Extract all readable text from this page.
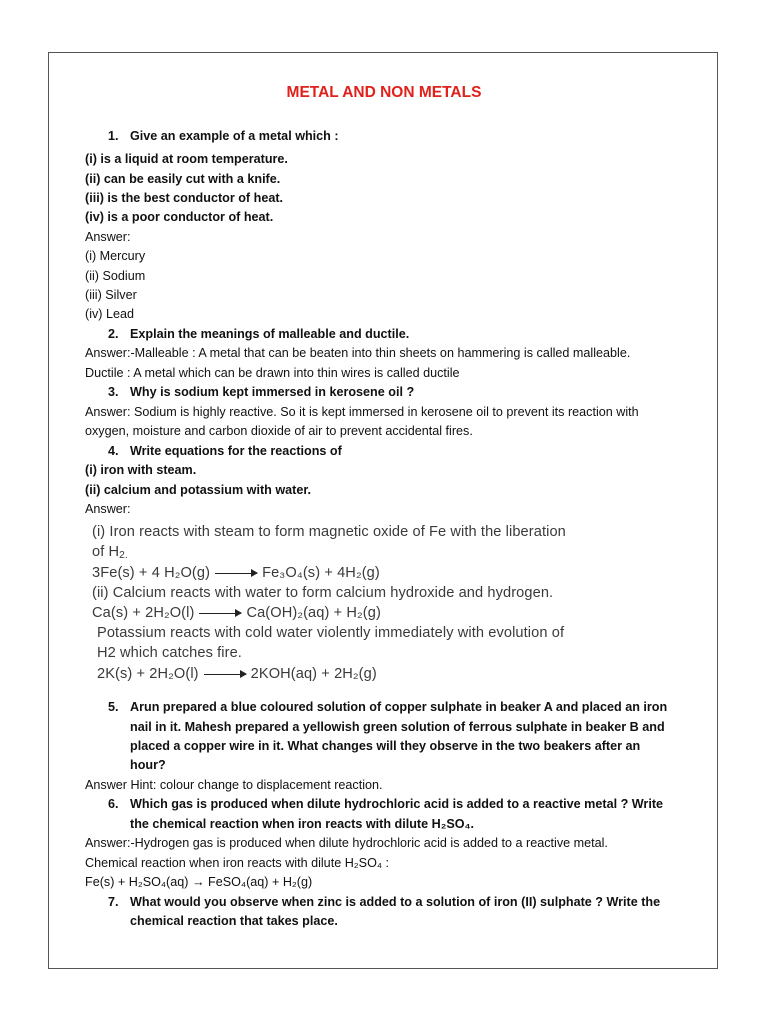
METAL AND NON METALS
1. Give an example of a metal which :
(i) is a liquid at room temperature.
(ii) can be easily cut with a knife.
(iii) is the best conductor of heat.
(iv) is a poor conductor of heat.
Answer:
(i) Mercury
(ii) Sodium
(iii) Silver
(iv) Lead
2. Explain the meanings of malleable and ductile.
Answer:-Malleable : A metal that can be beaten into thin sheets on hammering is called malleable.
Ductile : A metal which can be drawn into thin wires is called ductile
3. Why is sodium kept immersed in kerosene oil ?
Answer: Sodium is highly reactive. So it is kept immersed in kerosene oil to prevent its reaction with
oxygen, moisture and carbon dioxide of air to prevent accidental fires.
4. Write equations for the reactions of
(i) iron with steam.
(ii) calcium and potassium with water.
Answer:
(i) Iron reacts with steam to form magnetic oxide of Fe with the liberation
of $H_{2.}$
3Fe(s) + 4 H₂O(g)	Fe₃O₄(s) + 4H₂(g)
(ii) Calcium reacts with water to form calcium hydroxide and hydrogen.
Ca(s) + 2H₂O(l)	Ca(OH)₂(aq) + H₂(g)
Potassium reacts with cold water violently immediately with evolution of
H2 which catches fire.
2K(s) + 2H₂O(l)	2KOH(aq) + 2H₂(g)
5. Arun prepared a blue coloured solution of copper sulphate in beaker A and placed an iron
nail in it. Mahesh prepared a yellowish green solution of ferrous sulphate in beaker B and
placed a copper wire in it. What changes will they observe in the two beakers after an
hour?
Answer Hint: colour change to displacement reaction.
6. Which gas is produced when dilute hydrochloric acid is added to a reactive metal ? Write
the chemical reaction when iron reacts with dilute H₂SO₄.
Answer:-Hydrogen gas is produced when dilute hydrochloric acid is added to a reactive metal.
Chemical reaction when iron reacts with dilute H₂SO₄ :
Fe(s) + H₂SO₄(aq) → FeSO₄(aq) + H₂(g)
7. What would you observe when zinc is added to a solution of iron (II) sulphate ? Write the
chemical reaction that takes place.
